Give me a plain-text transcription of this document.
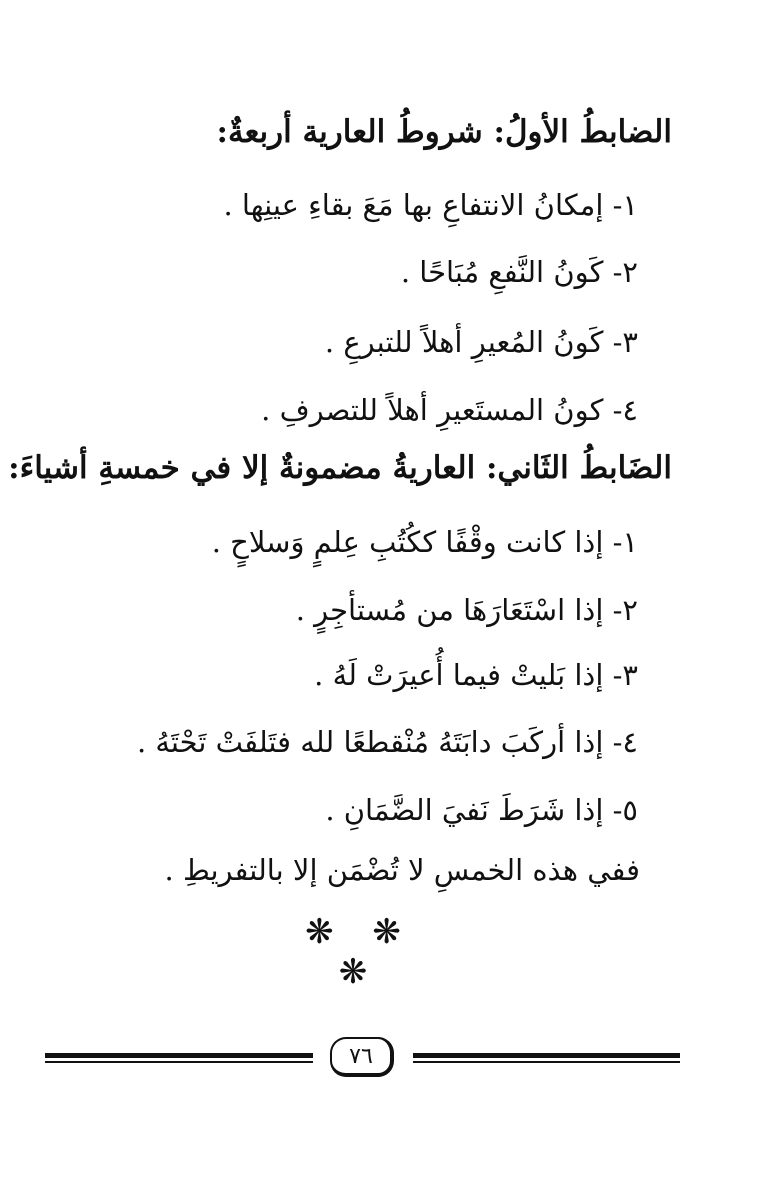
الضابطُ الأولُ: شروطُ العارية أربعةٌ:
١- إمكانُ الانتفاعِ بها مَعَ بقاءِ عينِها .
٢- كَونُ النَّفعِ مُبَاحًا .
٣- كَونُ المُعيرِ أهلاً للتبرعِ .
٤- كونُ المستَعيرِ أهلاً للتصرفِ .
الضَابطُ الثَاني: العاريةُ مضمونةٌ إلا في خمسةِ أشياءَ:
١- إذا كانت وقْفًا ككُتُبِ عِلمٍ وَسلاحٍ .
٢- إذا اسْتَعَارَهَا من مُستأجِرٍ .
٣- إذا بَليتْ فيما أُعيرَتْ لَهُ .
٤- إذا أركَبَ دابَتَهُ مُنْقطعًا لله فتَلفَتْ تَحْتَهُ .
٥- إذا شَرَطَ نَفيَ الضَّمَانِ .
ففي هذه الخمسِ لا تُضْمَن إلا بالتفريطِ .
❋ ❋ ❋
٧٦
